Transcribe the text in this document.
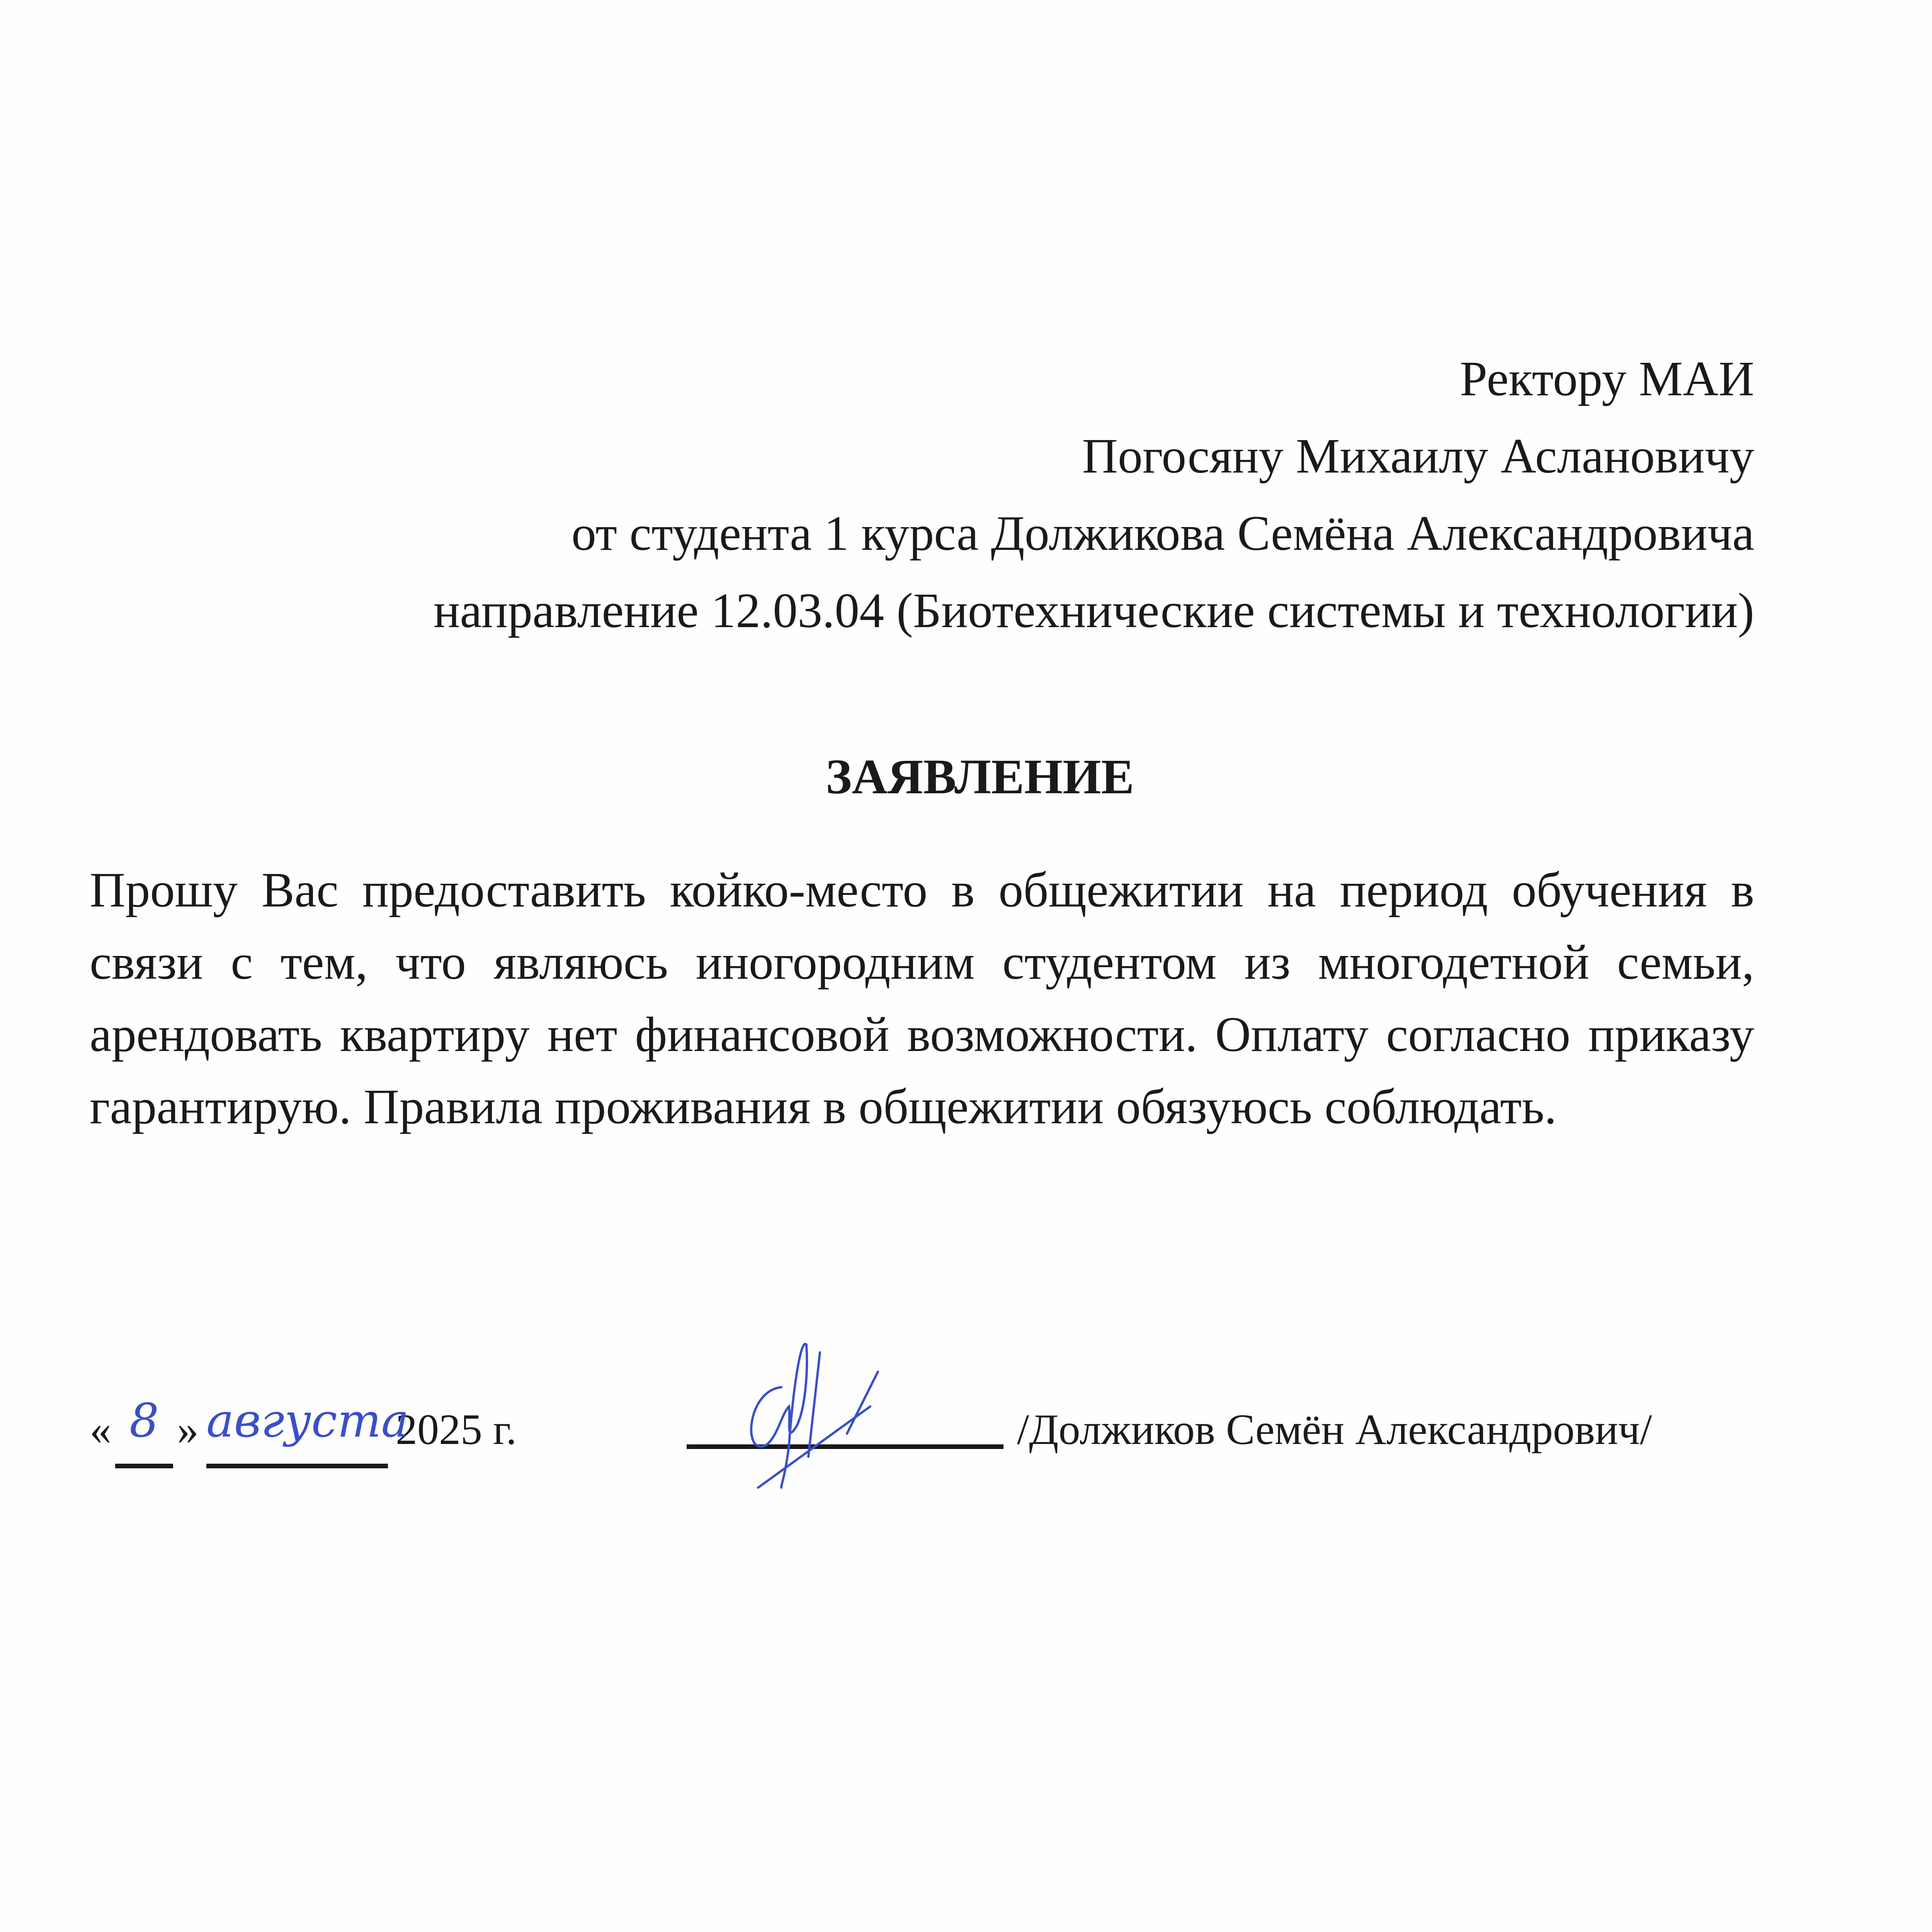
Ректору МАИ
Погосяну Михаилу Аслановичу
от студента 1 курса Должикова Семёна Александровича
направление 12.03.04 (Биотехнические системы и технологии)
ЗАЯВЛЕНИЕ
Прошу Вас предоставить койко-место в общежитии на период обучения в связи с тем, что являюсь иногородним студентом из многодетной семьи, арендовать квартиру нет финансовой возможности. Оплату согласно приказу гарантирую. Правила проживания в общежитии обязуюсь соблюдать.
« 8 » августа
2025 г.	/Должиков Семён Александрович/
